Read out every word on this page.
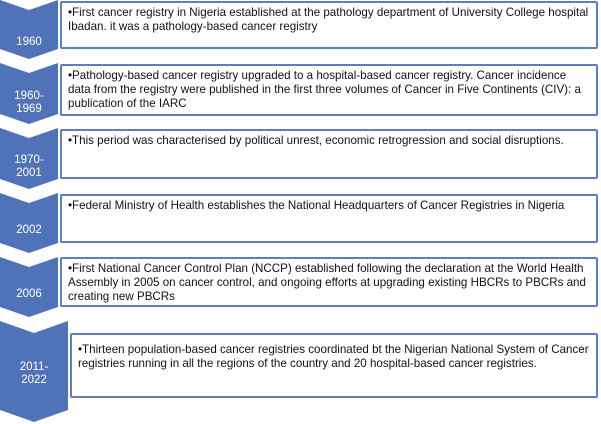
1960
1960-
1969
1970-
2001
2002
2006
2011-
2022
•First cancer registry in Nigeria established at the pathology department of University College hospital Ibadan. it was a pathology-based cancer registry
•Pathology-based cancer registry upgraded to a hospital-based cancer registry. Cancer incidence data from the registry were published in the first three volumes of Cancer in Five Continents (CIV): a publication of the IARC
•This period was characterised by political unrest, economic retrogression and social disruptions.
•Federal Ministry of Health establishes the National Headquarters of Cancer Registries in Nigeria
•First National Cancer Control Plan (NCCP) established following the declaration at the World Health Assembly in 2005 on cancer control, and ongoing efforts at upgrading existing HBCRs to PBCRs and creating new PBCRs
•Thirteen population-based cancer registries coordinated bt the Nigerian National System of Cancer registries running in all the regions of the country and 20 hospital-based cancer registries.
